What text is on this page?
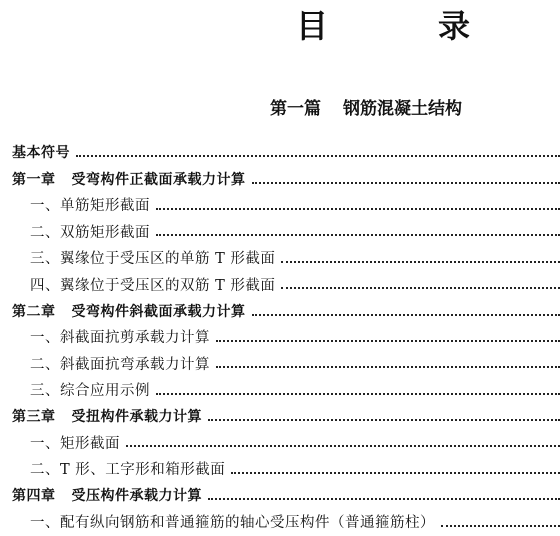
目	录
第一篇 钢筋混凝土结构
基本符号
第一章 受弯构件正截面承载力计算
一、单筋矩形截面
二、双筋矩形截面
三、翼缘位于受压区的单筋 T 形截面
四、翼缘位于受压区的双筋 T 形截面
第二章 受弯构件斜截面承载力计算
一、斜截面抗剪承载力计算
二、斜截面抗弯承载力计算
三、综合应用示例
第三章 受扭构件承载力计算
一、矩形截面
二、T 形、工字形和箱形截面
第四章 受压构件承载力计算
一、配有纵向钢筋和普通箍筋的轴心受压构件（普通箍筋柱）
